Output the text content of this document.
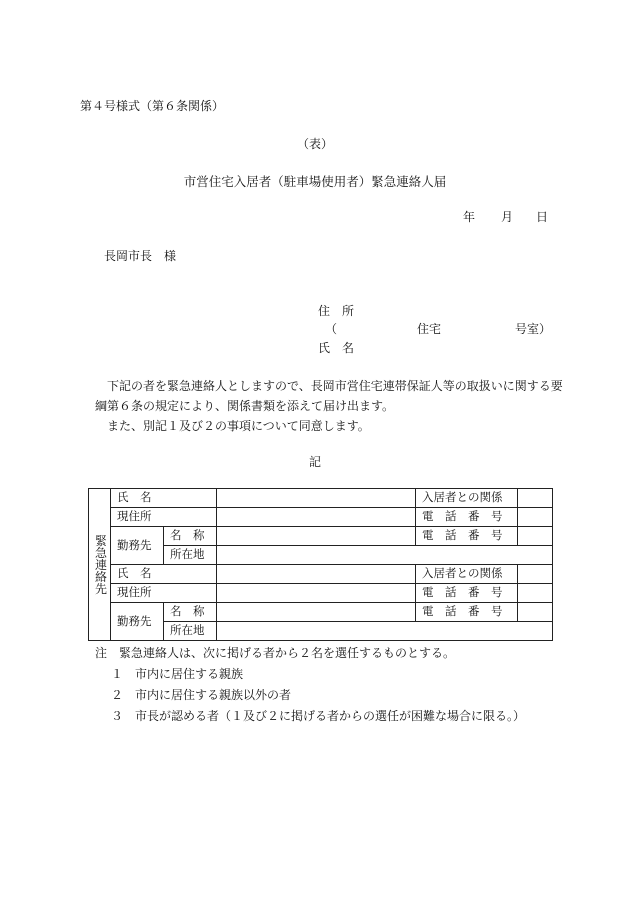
第４号様式（第６条関係）
（表）
市営住宅入居者（駐車場使用者）緊急連絡人届
年 月 日
長岡市長　様
住　所
（	住宅	号室）
氏　名

　下記の者を緊急連絡人としますので、長岡市営住宅連帯保証人等の取扱いに関する要綱第６条の規定により、関係書類を添えて届け出ます。

　また、別記１及び２の事項について同意します。

記
緊
急
連
絡
先	氏　名			入居者との関係	
	現住所			電　話　番　号	
	勤務先	名　称		電　話　番　号	
		所在地			
	氏　名			入居者との関係	
	現住所			電　話　番　号	
	勤務先	名　称		電　話　番　号	
		所在地			
注　緊急連絡人は、次に掲げる者から２名を選任するものとする。
１　市内に居住する親族
２　市内に居住する親族以外の者
３　市長が認める者（１及び２に掲げる者からの選任が困難な場合に限る。）
